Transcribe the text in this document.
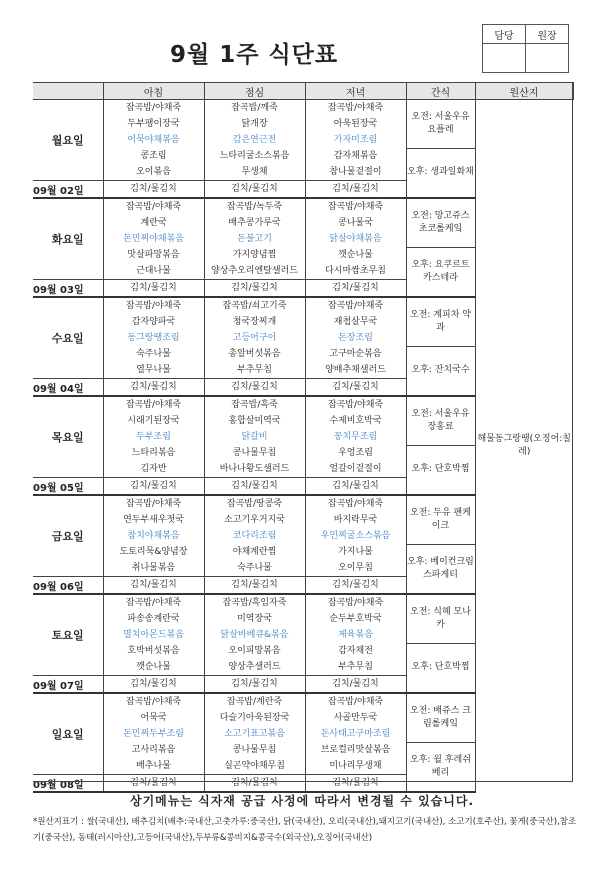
9월 1주 식단표
담당	원장

	아침	점심	저녁	간식	원산지
월요일	잡곡밥/야채죽	잡곡밥/깨죽	잡곡밥/야채죽	오전: 서울우유 요플레	해물동그랑땡(오징어:칠레)
	두부팽이장국	닭개장	아욱된장국		
	어묵야채볶음	감은연근전	가자미조림		
	콩조림	느타리굴소스볶음	감자채볶음	오후: 생과일화채	
	오이볶음	무생채	참나물겉절이		
09월 02일	김치/물김치	김치/물김치	김치/물김치		
화요일	잡곡밥/야채죽	잡곡밥/녹두죽	잡곡밥/야채죽	오전: 망고쥬스 초코롤케잌	
	계란국	배추콩가루국	콩나물국		
	돈민찌야채볶음	돈불고기	닭살야채볶음		
	맛살파망볶음	가지양념찜	깻순나물	오후: 요쿠르트 카스테라	
	근대나물	양상추오리엔탈샐러드	다시마쌈초무침		
09월 03일	김치/물김치	김치/물김치	김치/물김치		
수요일	잡곡밥/야채죽	잡곡밥/쇠고기죽	잡곡밥/야채죽	오전: 계피차 약과	
	감자양파국	청국장찌개	재첩살무국		
	동그랑땡조림	고등어구이	돈장조림		
	숙주나물	총알버섯볶음	고구마순볶음	오후: 잔치국수	
	열무나물	부추무침	양배추채샐러드		
09월 04일	김치/물김치	김치/물김치	김치/물김치		
목요일	잡곡밥/야채죽	잡곡밥/흑죽	잡곡밥/야채죽	오전: 서울우유 장홍료	
	시래기된장국	홍합살미역국	수제비호박국		
	두부조림	닭갈비	꽁치무조림		
	느타리볶음	콩나물무침	우엉조림	오후: 단호박찜	
	김자반	바나나황도샐러드	얼갈이겉절이		
09월 05일	김치/물김치	김치/물김치	김치/물김치		
금요일	잡곡밥/야채죽	잡곡밥/땅콩죽	잡곡밥/야채죽	오전: 두유 팬케이크	
	연두부새우젓국	소고기우거지국	바지락무국		
	참치야채볶음	코다리조림	우민찌굴소스볶음		
	도토리묵&양념장	야채계란찜	가지나물	오후: 베이컨크림 스파게티	
	취나물볶음	숙주나물	오이무침		
09월 06일	김치/물김치	김치/물김치	김치/물김치		
토요일	잡곡밥/야채죽	잡곡밥/흑임자죽	잡곡밥/야채죽	오전: 식혜 모나카	
	파송송계란국	미역장국	순두부호박국		
	멸치아몬드볶음	닭살바베큐&볶음	제육볶음		
	호박버섯볶음	오이피망볶음	감자채전	오후: 단호박찜	
	깻순나물	양상추샐러드	부추무침		
09월 07일	김치/물김치	김치/물김치	김치/물김치		
일요일	잡곡밥/야채죽	잡곡밥/계란죽	잡곡밥/야채죽	오전: 배쥬스 크 림롤케잌	
	어묵국	다슬기아욱된장국	사골만두국		
	돈민찌두부조림	소고기표고볶음	돈사태고구마조림		
	고사리볶음	콩나물무침	브로컬리맛살볶음	오후: 윌 후레쉬베리	
	배추나물	실곤약야채무침	미나리무생채		
09월 08일	김치/물김치	김치/물김치	김치/물김치		
상기메뉴는 식자재 공급 사정에 따라서 변경될 수 있습니다.
*원산지표기 : 쌀(국내산), 배추김치(배추:국내산,고춧가루:중국산), 닭(국내산), 오리(국내산),돼지고기(국내산), 소고기(호주산), 꽃게(중국산),참조기(중국산), 동태(러시아산),고등어(국내산),두부류&콩비지&콩국수(외국산),오징어(국내산)
